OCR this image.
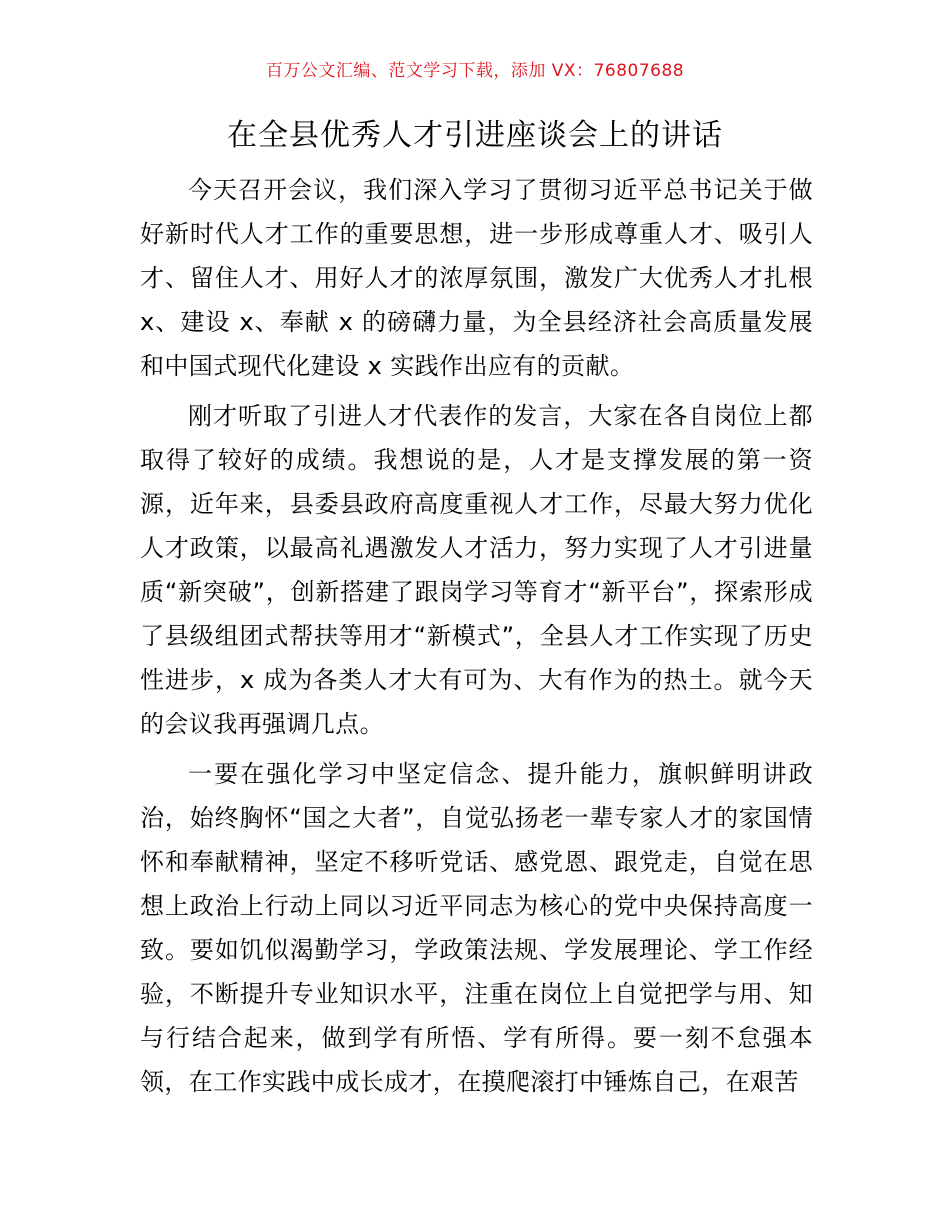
百万公文汇编、范文学习下载，添加 VX：76807688
在全县优秀人才引进座谈会上的讲话

今天召开会议，我们深入学习了贯彻习近平总书记关于做好新时代人才工作的重要思想，进一步形成尊重人才、吸引人才、留住人才、用好人才的浓厚氛围，激发广大优秀人才扎根 x、建设 x、奉献 x 的磅礴力量，为全县经济社会高质量发展和中国式现代化建设 x 实践作出应有的贡献。

刚才听取了引进人才代表作的发言，大家在各自岗位上都取得了较好的成绩。我想说的是，人才是支撑发展的第一资源，近年来，县委县政府高度重视人才工作，尽最大努力优化人才政策，以最高礼遇激发人才活力，努力实现了人才引进量质“新突破”，创新搭建了跟岗学习等育才“新平台”，探索形成了县级组团式帮扶等用才“新模式”，全县人才工作实现了历史性进步，x 成为各类人才大有可为、大有作为的热土。就今天的会议我再强调几点。

一要在强化学习中坚定信念、提升能力，旗帜鲜明讲政治，始终胸怀“国之大者”，自觉弘扬老一辈专家人才的家国情怀和奉献精神，坚定不移听党话、感党恩、跟党走，自觉在思想上政治上行动上同以习近平同志为核心的党中央保持高度一致。要如饥似渴勤学习，学政策法规、学发展理论、学工作经验，不断提升专业知识水平，注重在岗位上自觉把学与用、知与行结合起来，做到学有所悟、学有所得。要一刻不怠强本领，在工作实践中成长成才，在摸爬滚打中锤炼自己，在艰苦
